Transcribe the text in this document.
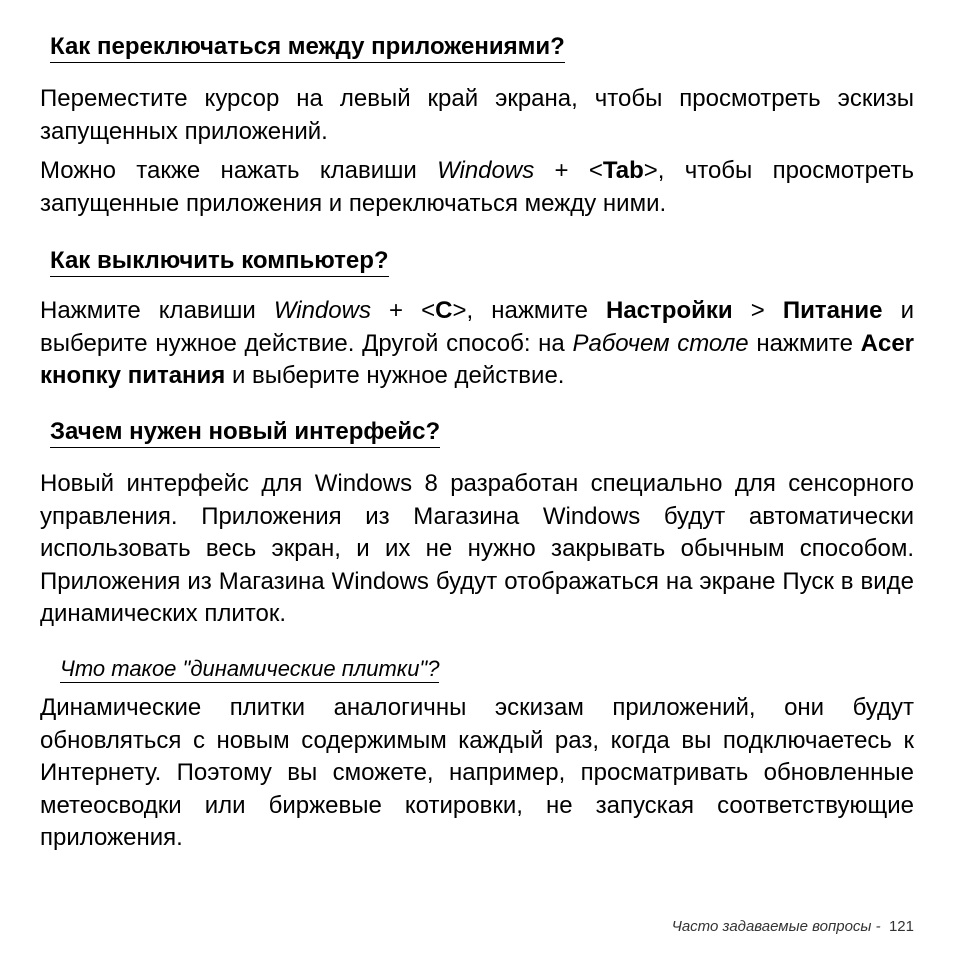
Как переключаться между приложениями?

Переместите курсор на левый край экрана, чтобы просмотреть эскизы запущенных приложений.

Можно также нажать клавиши Windows + <Tab>, чтобы просмотреть запущенные приложения и переключаться между ними.

Как выключить компьютер?

Нажмите клавиши Windows + <C>, нажмите Настройки > Питание и выберите нужное действие. Другой способ: на Рабочем столе нажмите Acer кнопку питания и выберите нужное действие.

Зачем нужен новый интерфейс?

Новый интерфейс для Windows 8 разработан специально для сенсорного управления. Приложения из Магазина Windows будут автоматически использовать весь экран, и их не нужно закрывать обычным способом. Приложения из Магазина Windows будут отображаться на экране Пуск в виде динамических плиток.

Что такое "динамические плитки"?

Динамические плитки аналогичны эскизам приложений, они будут обновляться с новым содержимым каждый раз, когда вы подключаетесь к Интернету. Поэтому вы сможете, например, просматривать обновленные метеосводки или биржевые котировки, не запуская соответствующие приложения.

Часто задаваемые вопросы - 121
